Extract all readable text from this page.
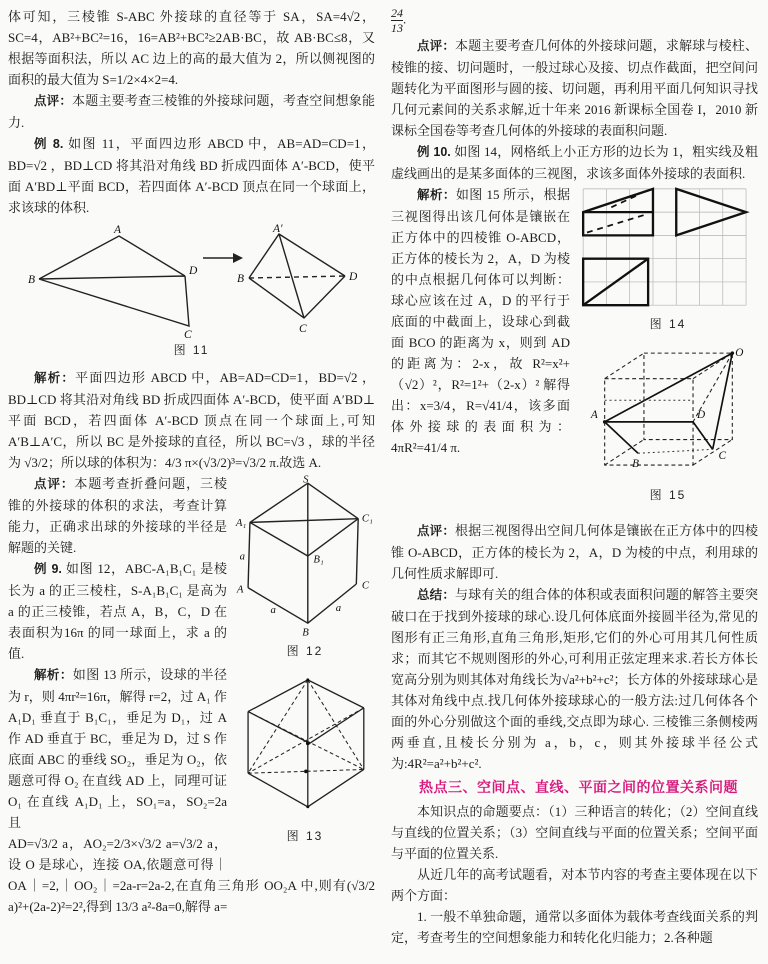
体可知，三棱锥 S-ABC 外接球的直径等于 SA，SA=4√2，SC=4，AB²+BC²=16，16=AB²+BC²≥2AB·BC，故 AB·BC≤8，又根据等面积法，所以 AC 边上的高的最大值为 2，所以侧视图的面积的最大值为 S=1/2×4×2=4.

点评：本题主要考查三棱锥的外接球问题，考查空间想象能力.

例 8. 如图 11，平面四边形 ABCD 中，AB=AD=CD=1，BD=√2 ，BD⊥CD 将其沿对角线 BD 折成四面体 A′-BCD，使平面 A′BD⊥平面 BCD，若四面体 A′-BCD 顶点在同一个球面上，求该球的体积.

A
B
D
C
A′
B	D
C
图 11

解析：平面四边形 ABCD 中，AB=AD=CD=1，BD=√2 ，BD⊥CD 将其沿对角线 BD 折成四面体 A′-BCD，使平面 A′BD⊥平面 BCD，若四面体 A′-BCD 顶点在同一个球面上,可知 A′B⊥A′C，所以 BC 是外接球的直径，所以 BC=√3 ，球的半径为 √3/2；所以球的体积为：4/3 π×(√3/2)³=√3/2 π.故选 A.

S
A₁	C₁
B₁
A	C
B
a
a	a
图 12
图 13

点评：本题考查折叠问题，三棱锥的外接球的体积的求法，考查计算能力，正确求出球的外接球的半径是解题的关键.

例 9. 如图 12，ABC-A₁B₁C₁ 是棱长为 a 的正三棱柱，S-A₁B₁C₁ 是高为 a 的正三棱锥，若点 A，B，C，D 在表面积为16π 的同一球面上，求 a 的值.

解析：如图 13 所示，设球的半径为 r，则 4πr²=16π，解得 r=2，过 A₁ 作 A₁D₁ 垂直于 B₁C₁，垂足为 D₁，过 A 作 AD 垂直于 BC，垂足为 D，过 S 作底面 ABC 的垂线 SO₂，垂足为 O₂，依题意可得 O₂ 在直线 AD 上，同理可证 O₁ 在直线 A₁D₁ 上，SO₁=a，SO₂=2a 且

AD=√3/2 a，AO₂=2/3×√3/2 a=√3/2 a，设 O 是球心，连接 OA,依题意可得｜OA｜=2,｜OO₂｜=2a-r=2a-2,在直角三角形 OO₂A 中,则有(√3/2 a)²+(2a-2)²=2²,得到 13/3 a²-8a=0,解得 a=

$\frac{24}{13}$ .

点评：本题主要考查几何体的外接球问题，求解球与棱柱、棱锥的接、切问题时，一般过球心及接、切点作截面，把空间问题转化为平面图形与圆的接、切问题，再利用平面几何知识寻找几何元素间的关系求解,近十年来 2016 新课标全国卷 I，2010 新课标全国卷等考查几何体的外接球的表面积问题.

例 10. 如图 14，网格纸上小正方形的边长为 1，粗实线及粗虚线画出的是某多面体的三视图，求该多面体外接球的表面积.

图 14
O
A
B
C
D
图 15

解析：如图 15 所示，根据三视图得出该几何体是镶嵌在正方体中的四棱锥 O-ABCD，正方体的棱长为 2，A，D 为棱的中点根据几何体可以判断：球心应该在过 A，D 的平行于底面的中截面上，设球心到截面 BCO 的距离为 x，则到 AD 的距离为：2-x，故 R²=x²+（√2）²，R²=1²+（2-x）² 解得出：x=3/4，R=√41/4，该多面体外接球的表面积为：4πR²=41/4 π.

点评：根据三视图得出空间几何体是镶嵌在正方体中的四棱锥 O-ABCD，正方体的棱长为 2，A，D 为棱的中点，利用球的几何性质求解即可.

总结：与球有关的组合体的体积或表面积问题的解答主要突破口在于找到外接球的球心.设几何体底面外接圆半径为,常见的图形有正三角形,直角三角形,矩形,它们的外心可用其几何性质求；而其它不规则图形的外心,可利用正弦定理来求.若长方体长宽高分别为则其体对角线长为√a²+b²+c²；长方体的外接球球心是其体对角线中点.找几何体外接球球心的一般方法:过几何体各个面的外心分别做这个面的垂线,交点即为球心. 三棱锥三条侧棱两两垂直,且棱长分别为 a，b，c，则其外接球半径公式为:4R²=a²+b²+c².

热点三、空间点、直线、平面之间的位置关系问题

本知识点的命题要点：（1）三种语言的转化；（2）空间直线与直线的位置关系；（3）空间直线与平面的位置关系；空间平面与平面的位置关系.

从近几年的高考试题看，对本节内容的考查主要体现在以下两个方面：

1. 一般不单独命题，通常以多面体为载体考查线面关系的判定，考查考生的空间想象能力和转化化归能力；2.各种题
